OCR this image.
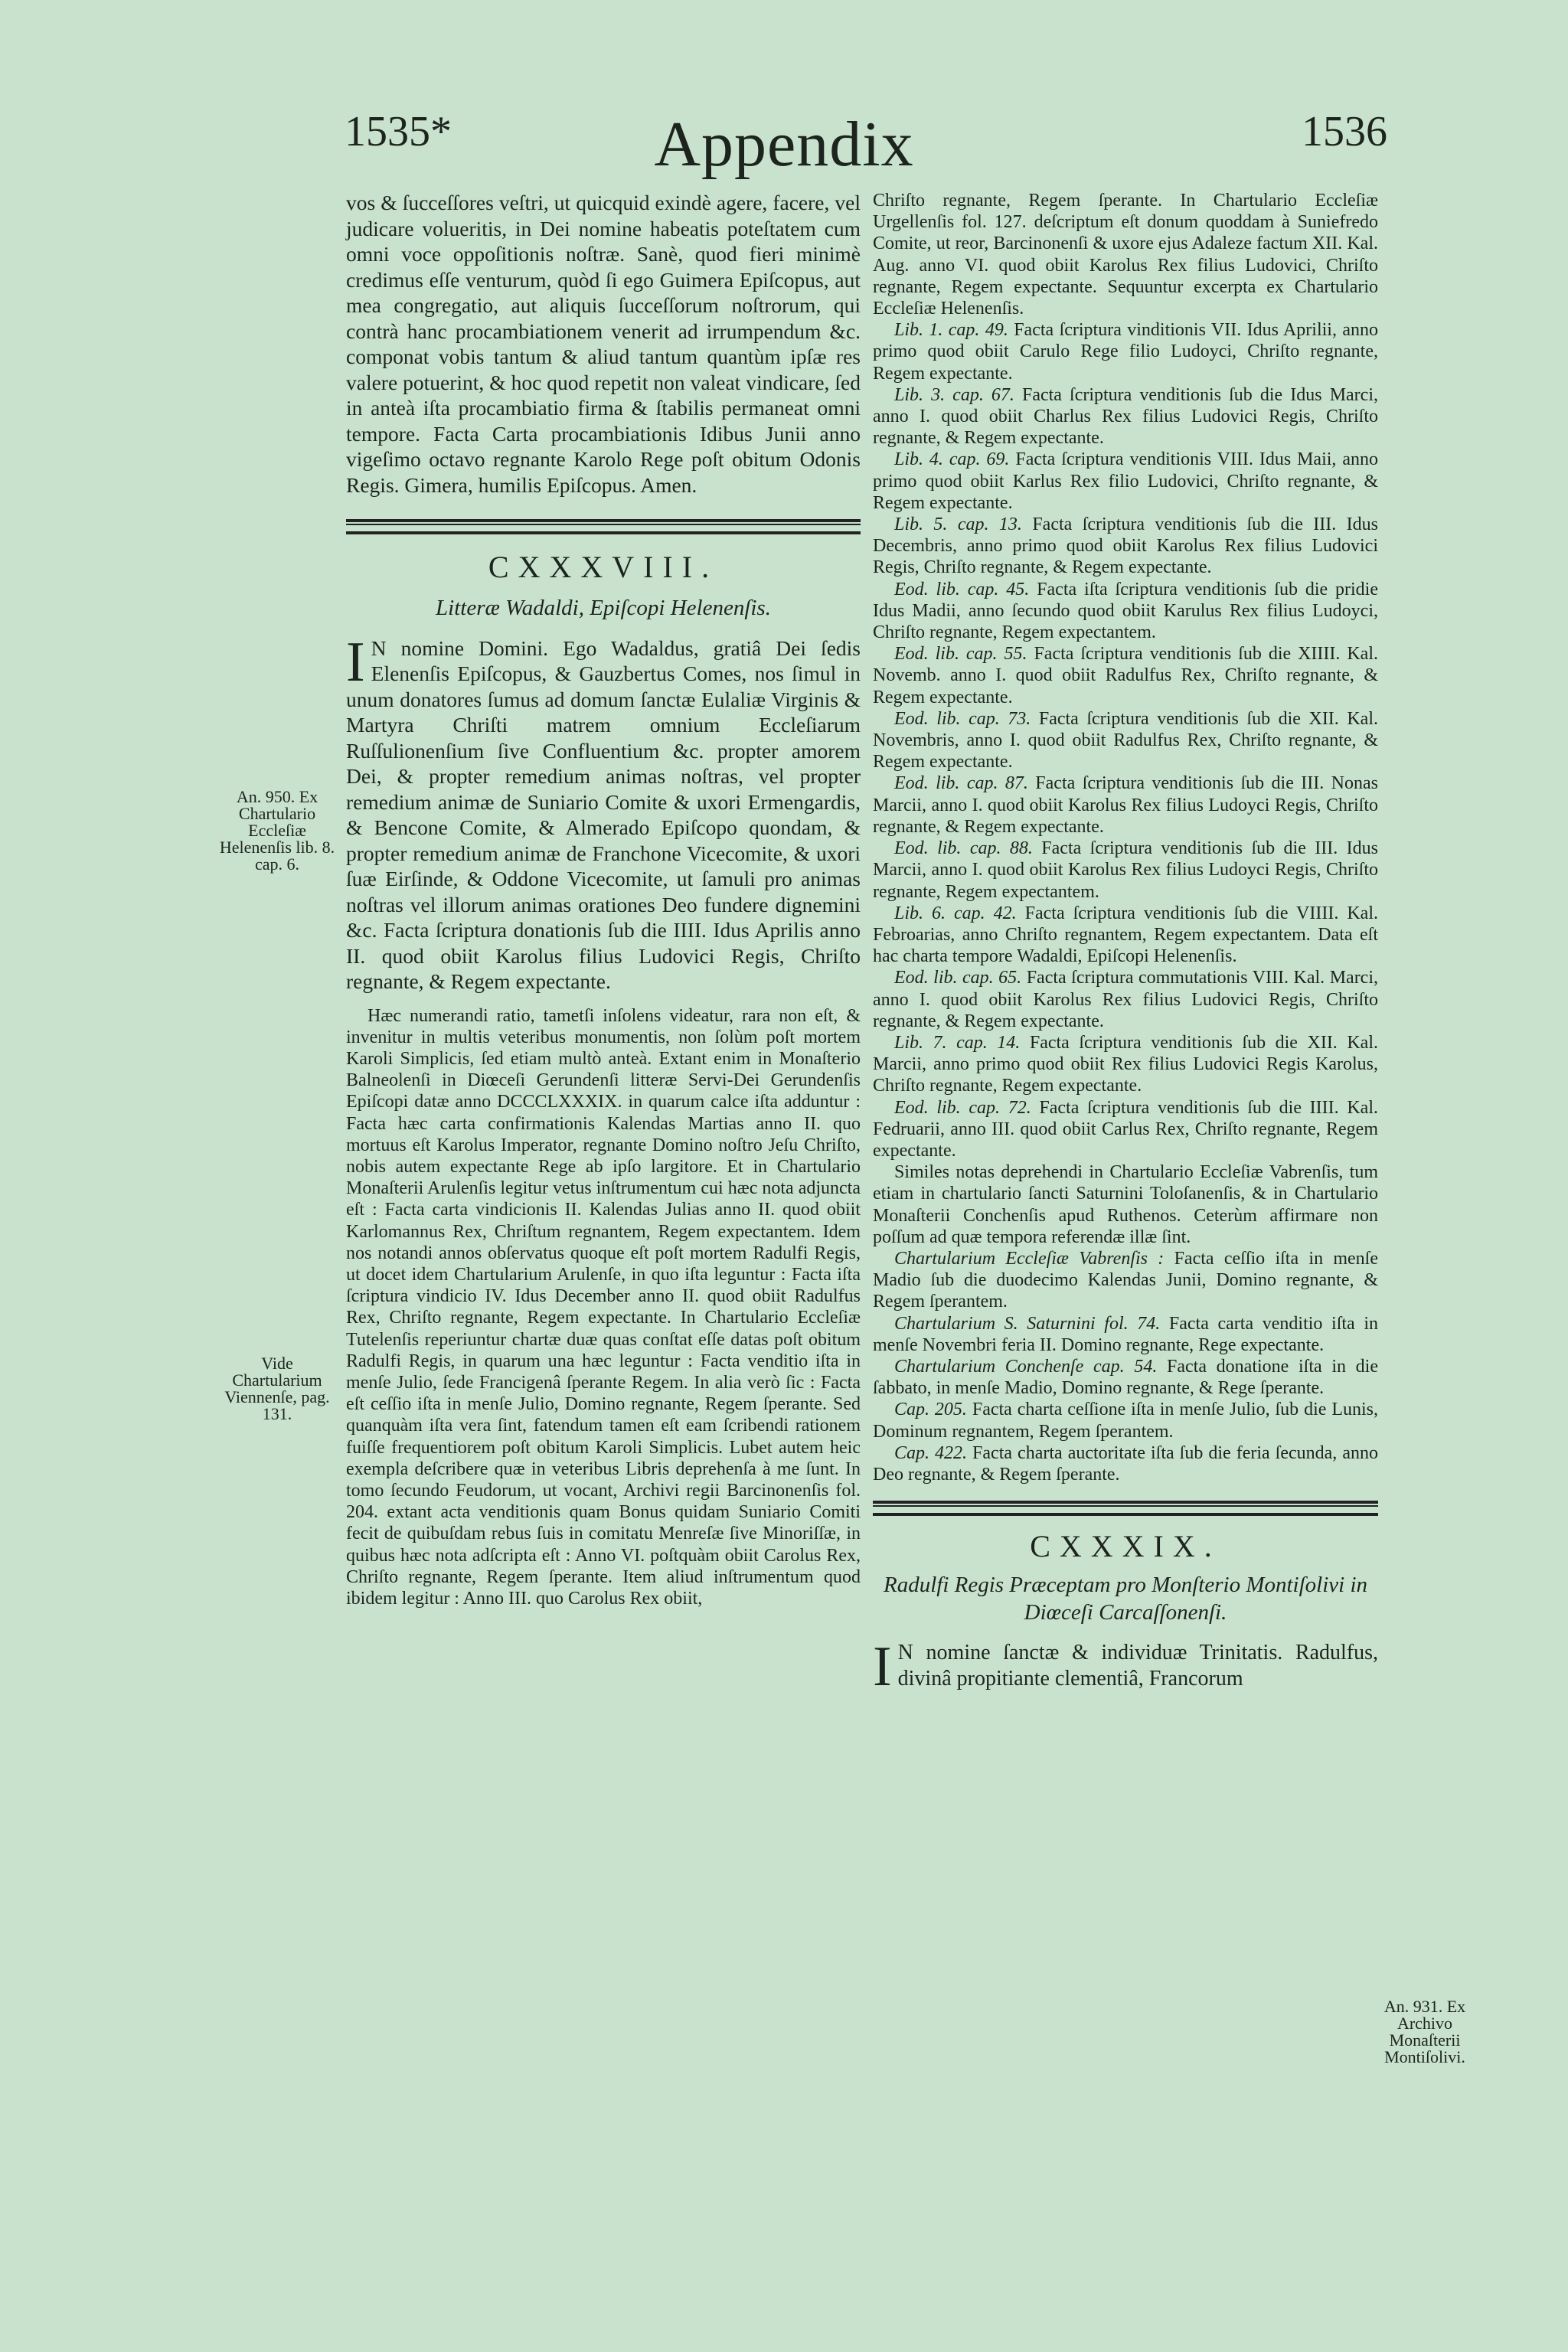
1535*	Appendix	1536

vos & ſucceſſores veſtri, ut quicquid exindè agere, facere, vel judicare volueritis, in Dei nomine habeatis poteſtatem cum omni voce oppoſitionis noſtræ. Sanè, quod fieri minimè credimus eſſe venturum, quòd ſi ego Guimera Epiſcopus, aut mea congregatio, aut aliquis ſucceſſorum noſtrorum, qui contrà hanc procambiationem venerit ad irrumpendum &c. componat vobis tantum & aliud tantum quantùm ipſæ res valere potuerint, & hoc quod repetit non valeat vindicare, ſed in anteà iſta procambiatio firma & ſtabilis permaneat omni tempore. Facta Carta procambiationis Idibus Junii anno vigeſimo octavo regnante Karolo Rege poſt obitum Odonis Regis. Gimera, humilis Epiſcopus. Amen.

CXXXVIII.
Litteræ Wadaldi, Epiſcopi Helenenſis.

I N nomine Domini. Ego Wadaldus, gratiâ Dei ſedis Elenenſis Epiſcopus, & Gauzbertus Comes, nos ſimul in unum donatores ſumus ad domum ſanctæ Eulaliæ Virginis & Martyra Chriſti matrem omnium Eccleſiarum Ruſſulionenſium ſive Confluentium &c. propter amorem Dei, & propter remedium animas noſtras, vel propter remedium animæ de Suniario Comite & uxori Ermengardis, & Bencone Comite, & Almerado Epiſcopo quondam, & propter remedium animæ de Franchone Vicecomite, & uxori ſuæ Eirſinde, & Oddone Vicecomite, ut ſamuli pro animas noſtras vel illorum animas orationes Deo fundere dignemini &c. Facta ſcriptura donationis ſub die IIII. Idus Aprilis anno II. quod obiit Karolus filius Ludovici Regis, Chriſto regnante, & Regem expectante.

Hæc numerandi ratio, tametſi inſolens videatur, rara non eſt, & invenitur in multis veteribus monumentis, non ſolùm poſt mortem Karoli Simplicis, ſed etiam multò anteà. Extant enim in Monaſterio Balneolenſi in Diœceſi Gerundenſi litteræ Servi-Dei Gerundenſis Epiſcopi datæ anno DCCCLXXXIX. in quarum calce iſta adduntur : Facta hæc carta confirmationis Kalendas Martias anno II. quo mortuus eſt Karolus Imperator, regnante Domino noſtro Jeſu Chriſto, nobis autem expectante Rege ab ipſo largitore. Et in Chartulario Monaſterii Arulenſis legitur vetus inſtrumentum cui hæc nota adjuncta eſt : Facta carta vindicionis II. Kalendas Julias anno II. quod obiit Karlomannus Rex, Chriſtum regnantem, Regem expectantem. Idem nos notandi annos obſervatus quoque eſt poſt mortem Radulfi Regis, ut docet idem Chartularium Arulenſe, in quo iſta leguntur : Facta iſta ſcriptura vindicio IV. Idus December anno II. quod obiit Radulfus Rex, Chriſto regnante, Regem expectante. In Chartulario Eccleſiæ Tutelenſis reperiuntur chartæ duæ quas conſtat eſſe datas poſt obitum Radulfi Regis, in quarum una hæc leguntur : Facta venditio iſta in menſe Julio, ſede Francigenâ ſperante Regem. In alia verò ſic : Facta eſt ceſſio iſta in menſe Julio, Domino regnante, Regem ſperante. Sed quanquàm iſta vera ſint, fatendum tamen eſt eam ſcribendi rationem fuiſſe frequentiorem poſt obitum Karoli Simplicis. Lubet autem heic exempla deſcribere quæ in veteribus Libris deprehenſa à me ſunt. In tomo ſecundo Feudorum, ut vocant, Archivi regii Barcinonenſis fol. 204. extant acta venditionis quam Bonus quidam Suniario Comiti fecit de quibuſdam rebus ſuis in comitatu Menreſæ ſive Minoriſſæ, in quibus hæc nota adſcripta eſt : Anno VI. poſtquàm obiit Carolus Rex, Chriſto regnante, Regem ſperante. Item aliud inſtrumentum quod ibidem legitur : Anno III. quo Carolus Rex obiit,

Chriſto regnante, Regem ſperante. In Chartulario Eccleſiæ Urgellenſis fol. 127. deſcriptum eſt donum quoddam à Suniefredo Comite, ut reor, Barcinonenſi & uxore ejus Adaleze factum XII. Kal. Aug. anno VI. quod obiit Karolus Rex filius Ludovici, Chriſto regnante, Regem expectante. Sequuntur excerpta ex Chartulario Eccleſiæ Helenenſis.

Lib. 1. cap. 49. Facta ſcriptura vinditionis VII. Idus Aprilii, anno primo quod obiit Carulo Rege filio Ludoyci, Chriſto regnante, Regem expectante.

Lib. 3. cap. 67. Facta ſcriptura venditionis ſub die Idus Marci, anno I. quod obiit Charlus Rex filius Ludovici Regis, Chriſto regnante, & Regem expectante.

Lib. 4. cap. 69. Facta ſcriptura venditionis VIII. Idus Maii, anno primo quod obiit Karlus Rex filio Ludovici, Chriſto regnante, & Regem expectante.

Lib. 5. cap. 13. Facta ſcriptura venditionis ſub die III. Idus Decembris, anno primo quod obiit Karolus Rex filius Ludovici Regis, Chriſto regnante, & Regem expectante.

Eod. lib. cap. 45. Facta iſta ſcriptura venditionis ſub die pridie Idus Madii, anno ſecundo quod obiit Karulus Rex filius Ludoyci, Chriſto regnante, Regem expectantem.

Eod. lib. cap. 55. Facta ſcriptura venditionis ſub die XIIII. Kal. Novemb. anno I. quod obiit Radulfus Rex, Chriſto regnante, & Regem expectante.

Eod. lib. cap. 73. Facta ſcriptura venditionis ſub die XII. Kal. Novembris, anno I. quod obiit Radulfus Rex, Chriſto regnante, & Regem expectante.

Eod. lib. cap. 87. Facta ſcriptura venditionis ſub die III. Nonas Marcii, anno I. quod obiit Karolus Rex filius Ludoyci Regis, Chriſto regnante, & Regem expectante.

Eod. lib. cap. 88. Facta ſcriptura venditionis ſub die III. Idus Marcii, anno I. quod obiit Karolus Rex filius Ludoyci Regis, Chriſto regnante, Regem expectantem.

Lib. 6. cap. 42. Facta ſcriptura venditionis ſub die VIIII. Kal. Febroarias, anno Chriſto regnantem, Regem expectantem. Data eſt hac charta tempore Wadaldi, Epiſcopi Helenenſis.

Eod. lib. cap. 65. Facta ſcriptura commutationis VIII. Kal. Marci, anno I. quod obiit Karolus Rex filius Ludovici Regis, Chriſto regnante, & Regem expectante.

Lib. 7. cap. 14. Facta ſcriptura venditionis ſub die XII. Kal. Marcii, anno primo quod obiit Rex filius Ludovici Regis Karolus, Chriſto regnante, Regem expectante.

Eod. lib. cap. 72. Facta ſcriptura venditionis ſub die IIII. Kal. Fedruarii, anno III. quod obiit Carlus Rex, Chriſto regnante, Regem expectante.

Similes notas deprehendi in Chartulario Eccleſiæ Vabrenſis, tum etiam in chartulario ſancti Saturnini Toloſanenſis, & in Chartulario Monaſterii Conchenſis apud Ruthenos. Ceterùm affirmare non poſſum ad quæ tempora referendæ illæ ſint.

Chartularium Eccleſiæ Vabrenſis : Facta ceſſio iſta in menſe Madio ſub die duodecimo Kalendas Junii, Domino regnante, & Regem ſperantem.

Chartularium S. Saturnini fol. 74. Facta carta venditio iſta in menſe Novembri feria II. Domino regnante, Rege expectante.

Chartularium Conchenſe cap. 54. Facta donatione iſta in die ſabbato, in menſe Madio, Domino regnante, & Rege ſperante.

Cap. 205. Facta charta ceſſione iſta in menſe Julio, ſub die Lunis, Dominum regnantem, Regem ſperantem.

Cap. 422. Facta charta auctoritate iſta ſub die feria ſecunda, anno Deo regnante, & Regem ſperante.

CXXXIX.
Radulfi Regis Præceptam pro Monſterio Montiſolivi in Diœceſi Carcaſſonenſi.

I N nomine ſanctæ & individuæ Trinitatis. Radulfus, divinâ propitiante clementiâ, Francorum

An. 950. Ex Chartulario Eccleſiæ Helenenſis lib. 8. cap. 6.
Vide Chartularium Viennenſe, pag. 131.
An. 931. Ex Archivo Monaſterii Montiſolivi.
